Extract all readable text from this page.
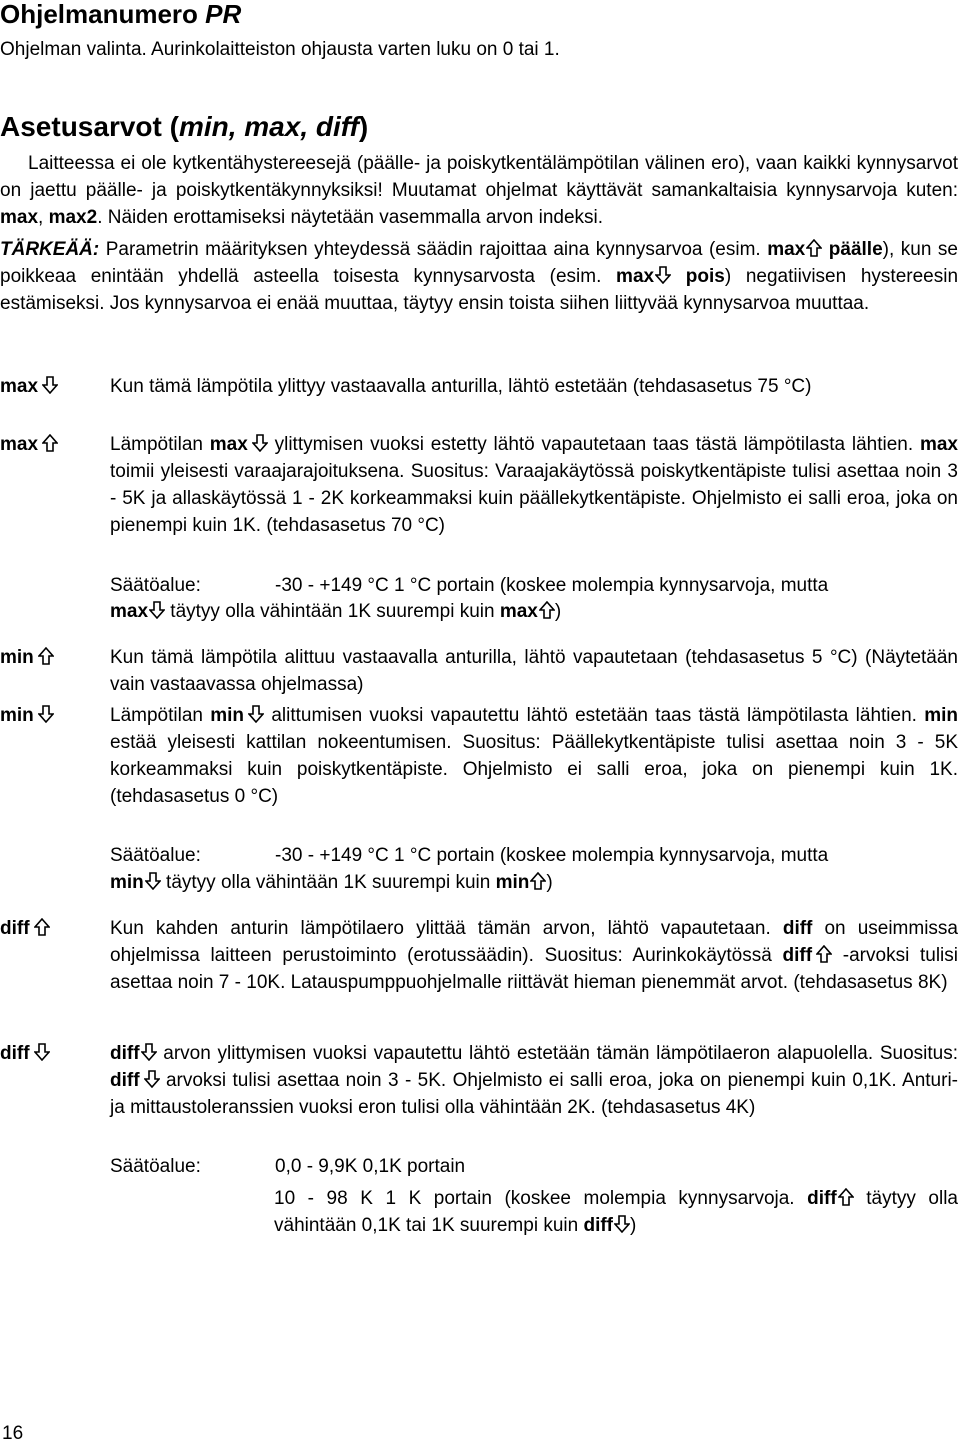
Ohjelmanumero PR
Ohjelman valinta. Aurinkolaitteiston ohjausta varten luku on 0 tai 1.
Asetusarvot (min, max, diff)
Laitteessa ei ole kytkentähystereesejä (päälle- ja poiskytkentälämpötilan välinen ero), vaan kaikki kynnysarvot on jaettu päälle- ja poiskytkentäkynnyksiksi! Muutamat ohjelmat käyttävät samankaltaisia kynnysarvoja kuten: max, max2. Näiden erottamiseksi näytetään vasemmalla arvon indeksi.
TÄRKEÄÄ: Parametrin määrityksen yhteydessä säädin rajoittaa aina kynnysarvoa (esim. max
päälle), kun se poikkeaa enintään yhdellä asteella toisesta kynnysarvosta (esim. max
pois) negatiivisen hystereesin estämiseksi. Jos kynnysarvoa ei enää muuttaa, täytyy ensin toista siihen liittyvää kynnysarvoa muuttaa.
max	Kun tämä lämpötila ylittyy vastaavalla anturilla, lähtö estetään (tehdasasetus 75 °C)
max	Lämpötilan max
ylittymisen vuoksi estetty lähtö vapautetaan taas tästä lämpötilasta lähtien. max toimii yleisesti varaajarajoituksena. Suositus: Varaajakäytössä poiskytkentäpiste tulisi asettaa noin 3 - 5K ja allaskäytössä 1 - 2K korkeammaksi kuin päällekytkentäpiste. Ohjelmisto ei salli eroa, joka on pienempi kuin 1K. (tehdasasetus 70 °C)
Säätöalue:	-30 - +149 °C 1 °C portain (koskee molempia kynnysarvoja, mutta
max
täytyy olla vähintään 1K suurempi kuin max )
min	Kun tämä lämpötila alittuu vastaavalla anturilla, lähtö vapautetaan (tehdasasetus 5 °C) (Näytetään vain vastaavassa ohjelmassa)
min	Lämpötilan min
alittumisen vuoksi vapautettu lähtö estetään taas tästä lämpötilasta lähtien. min estää yleisesti kattilan nokeentumisen. Suositus: Päällekytkentäpiste tulisi asettaa noin 3 - 5K korkeammaksi kuin poiskytkentäpiste. Ohjelmisto ei salli eroa, joka on pienempi kuin 1K. (tehdasasetus 0 °C)
Säätöalue:	-30 - +149 °C 1 °C portain (koskee molempia kynnysarvoja, mutta
min
täytyy olla vähintään 1K suurempi kuin min )
diff	Kun kahden anturin lämpötilaero ylittää tämän arvon, lähtö vapautetaan. diff on useimmissa ohjelmissa laitteen perustoiminto (erotussäädin). Suositus: Aurinkokäytössä diff
-arvoksi tulisi asettaa noin 7 - 10K. Latauspumppuohjelmalle riittävät hieman pienemmät arvot. (tehdasasetus 8K)
diff	diff
arvon ylittymisen vuoksi vapautettu lähtö estetään tämän lämpötilaeron alapuolella. Suositus: diff
arvoksi tulisi asettaa noin 3 - 5K. Ohjelmisto ei salli eroa, joka on pienempi kuin 0,1K. Anturi- ja mittaustoleranssien vuoksi eron tulisi olla vähintään 2K. (tehdasasetus 4K)
Säätöalue:	0,0 - 9,9K 0,1K portain
10 - 98 K 1 K portain (koskee molempia kynnysarvoja. diff
täytyy olla vähintään 0,1K tai 1K suurempi kuin diff )
16
